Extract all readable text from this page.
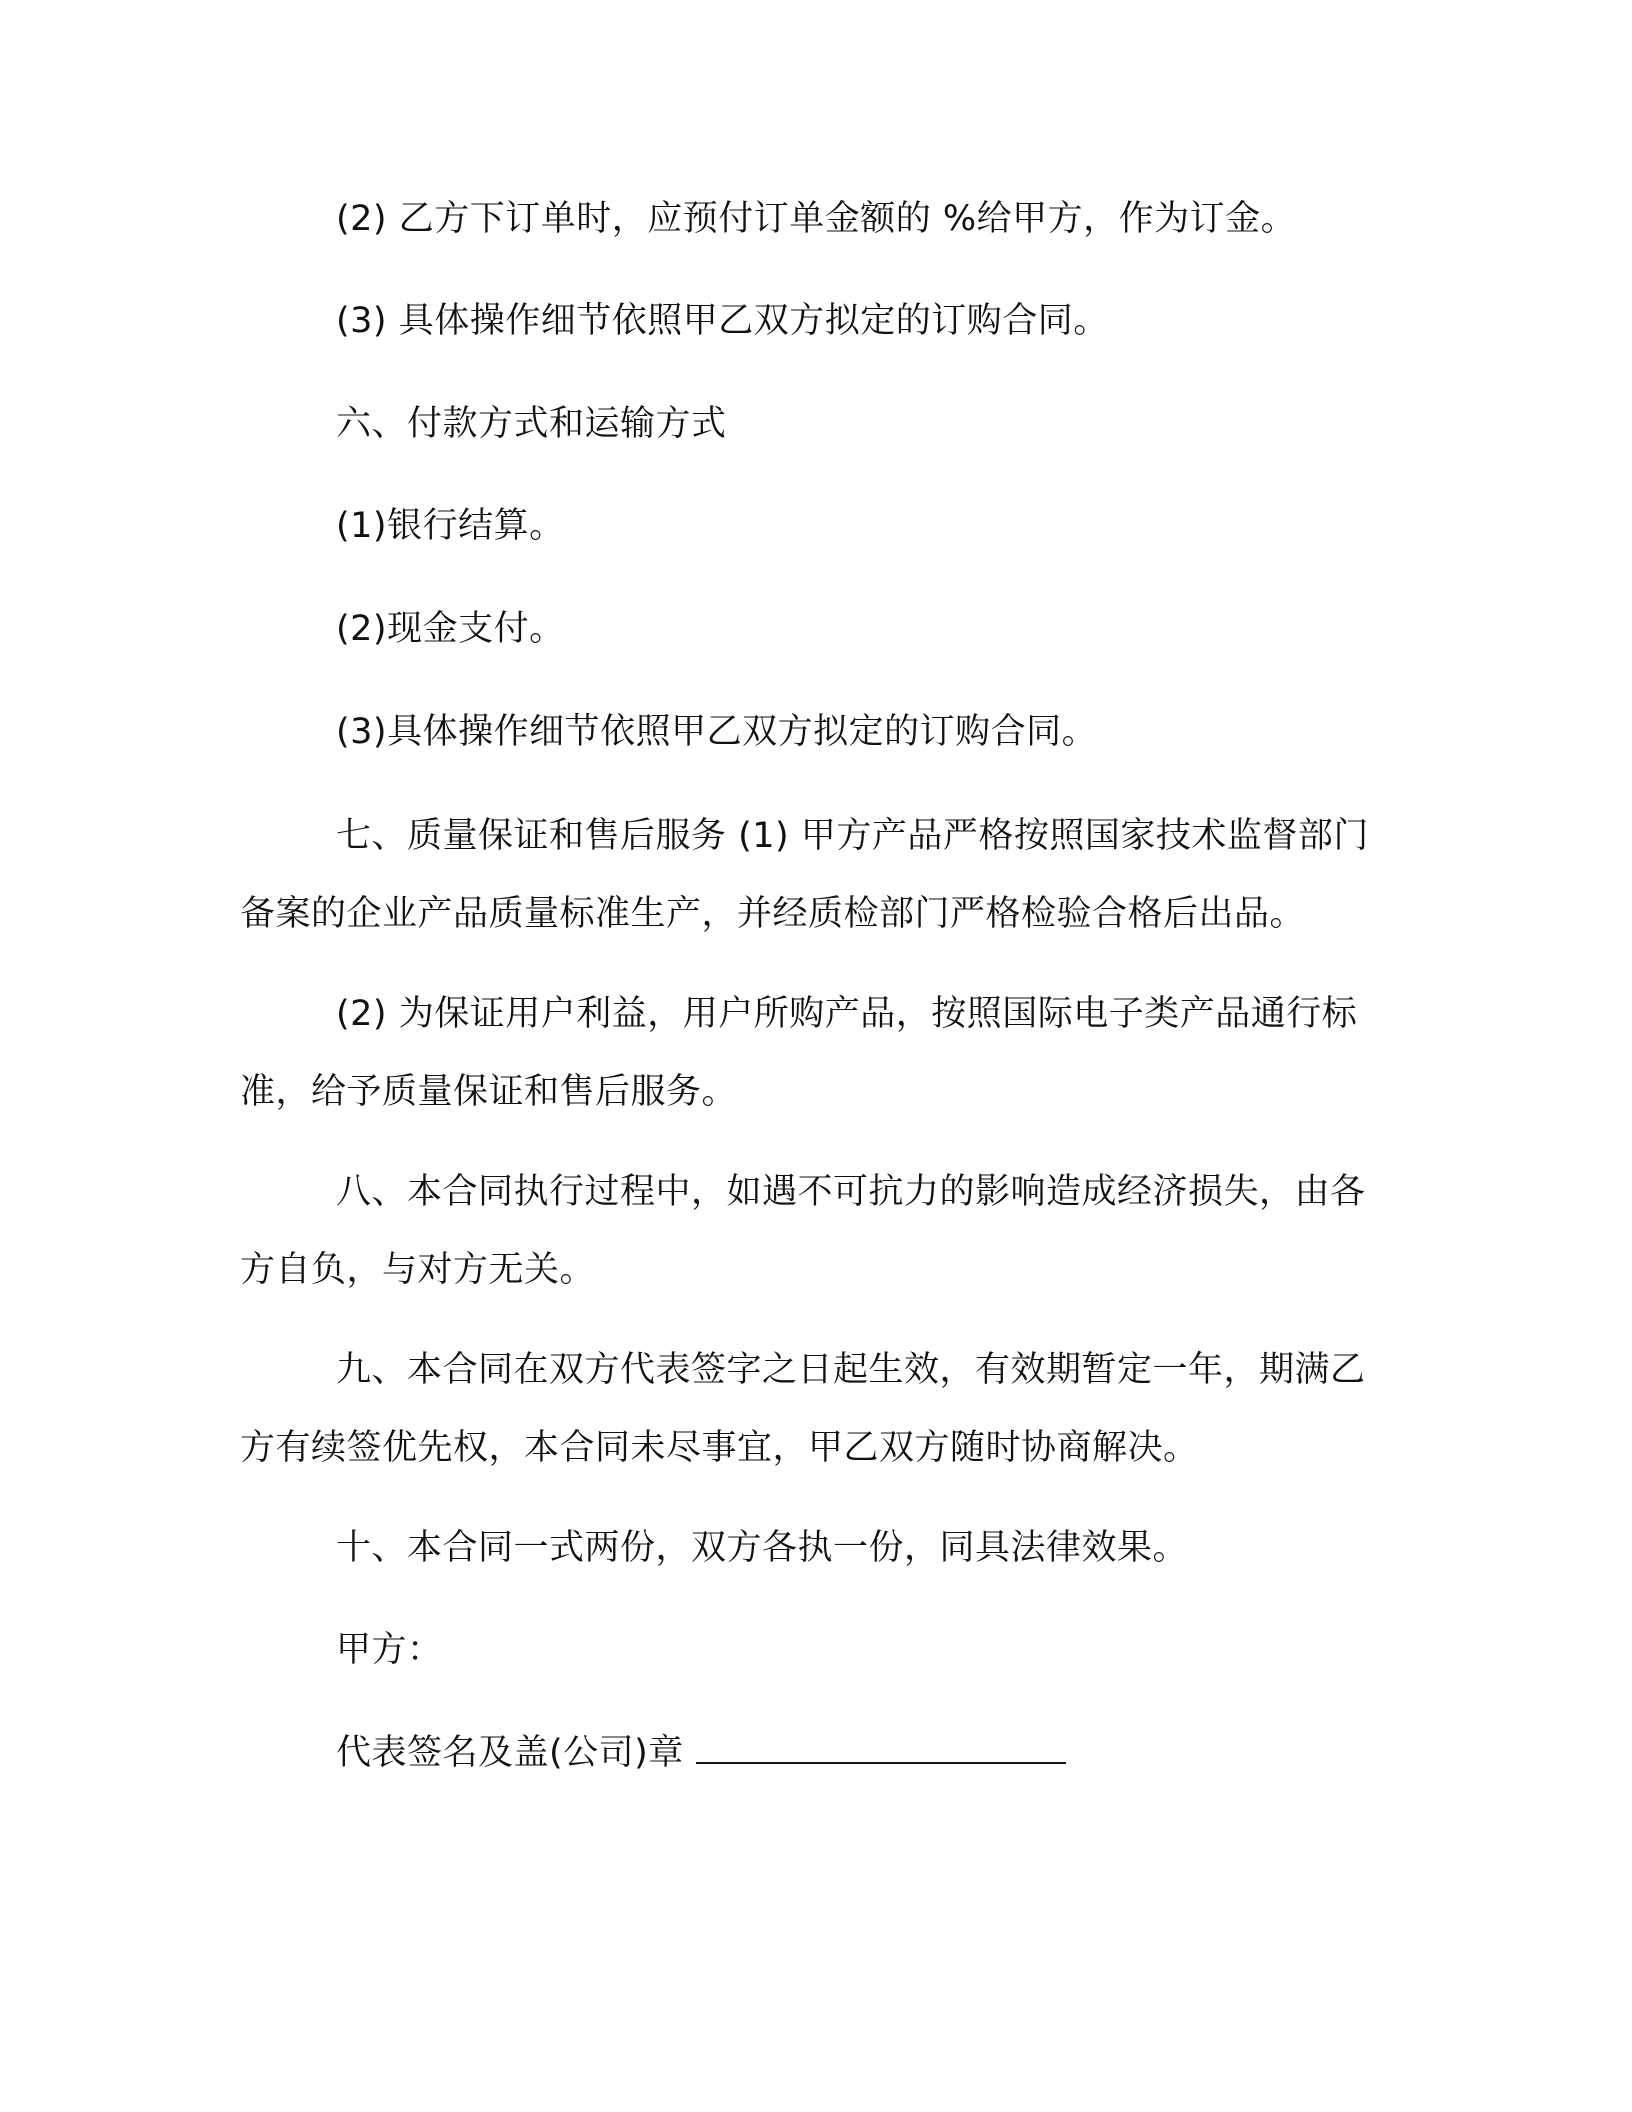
(2) 乙方下订单时，应预付订单金额的 %给甲方，作为订金。
(3) 具体操作细节依照甲乙双方拟定的订购合同。
六、付款方式和运输方式
(1)银行结算。
(2)现金支付。
(3)具体操作细节依照甲乙双方拟定的订购合同。
七、质量保证和售后服务 (1) 甲方产品严格按照国家技术监督部门备案的企业产品质量标准生产，并经质检部门严格检验合格后出品。
(2) 为保证用户利益，用户所购产品，按照国际电子类产品通行标准，给予质量保证和售后服务。
八、本合同执行过程中，如遇不可抗力的影响造成经济损失，由各方自负，与对方无关。
九、本合同在双方代表签字之日起生效，有效期暂定一年，期满乙方有续签优先权，本合同未尽事宜，甲乙双方随时协商解决。
十、本合同一式两份，双方各执一份，同具法律效果。
甲方：
代表签名及盖(公司)章
